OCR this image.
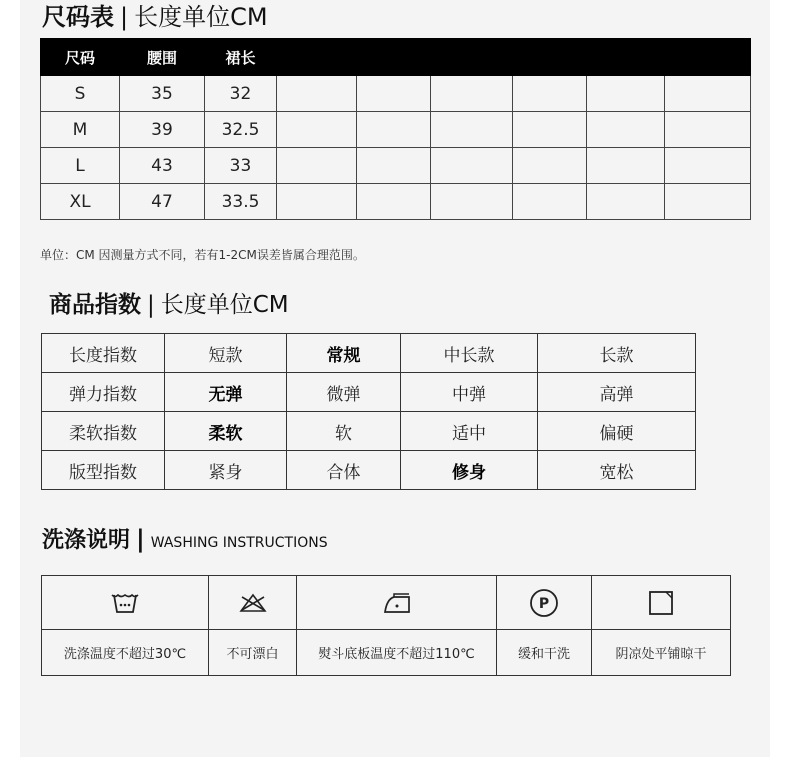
尺码表 | 长度单位CM
尺码	腰围	裙长						
S	35	32						
M	39	32.5						
L	43	33						
XL	47	33.5						
单位：CM 因测量方式不同，若有1-2CM误差皆属合理范围。
商品指数 | 长度单位CM
长度指数	短款	常规	中长款	长款
弹力指数	无弹	微弹	中弹	高弹
柔软指数	柔软	软	适中	偏硬
版型指数	紧身	合体	修身	宽松
洗涤说明 | WASHING INSTRUCTIONS

P

洗涤温度不超过30℃	不可漂白	熨斗底板温度不超过110℃	缓和干洗	阴凉处平铺晾干
